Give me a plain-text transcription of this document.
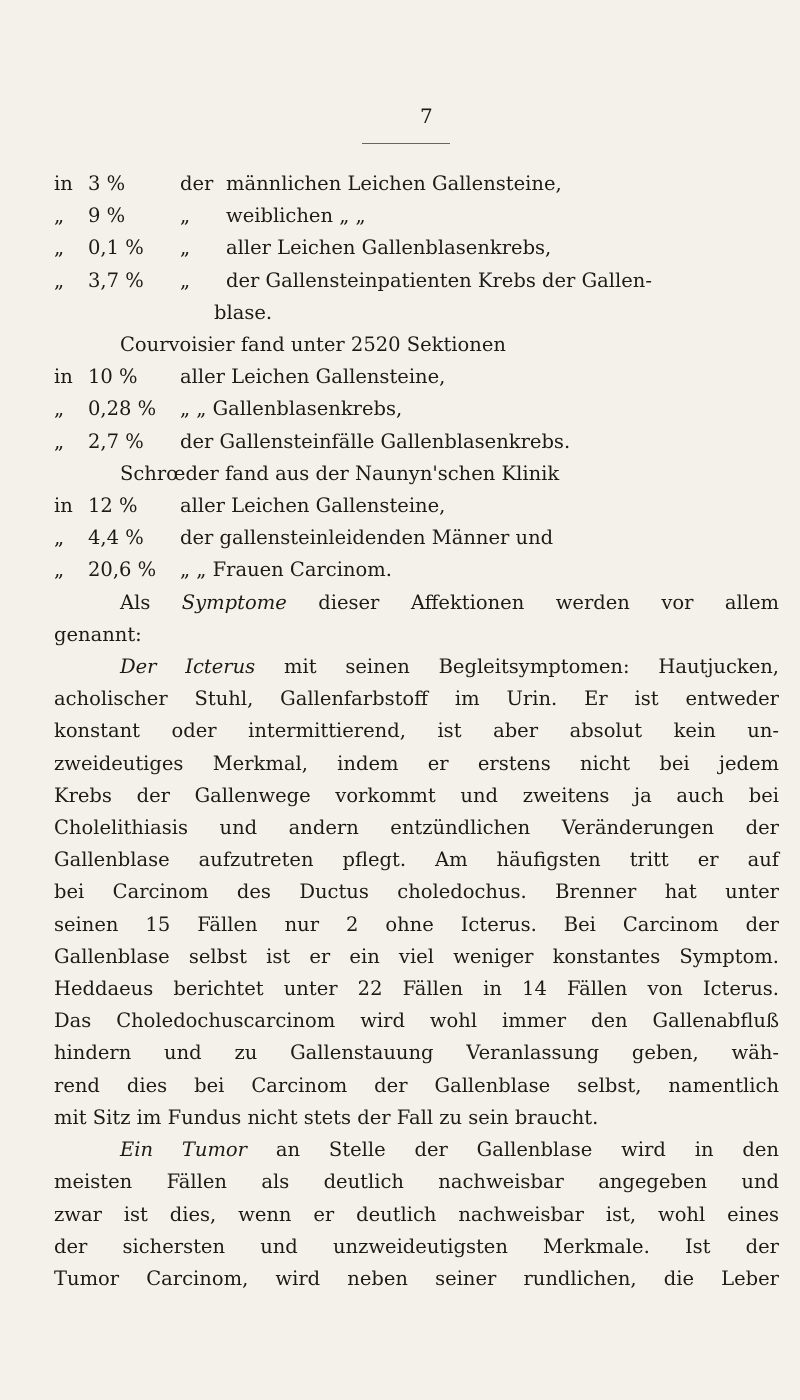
7
in 3 %	der männlichen Leichen Gallensteine,
„	9 %	„	weiblichen „ „
„	0,1 %	„	aller Leichen Gallenblasenkrebs,
„	3,7 %	„	der Gallensteinpatienten Krebs der Gallen-
blase.
Courvoisier fand unter 2520 Sektionen
in 10 %	aller Leichen Gallensteine,
„	0,28 %	„ „ Gallenblasenkrebs,
„	2,7 %	der Gallensteinfälle Gallenblasenkrebs.
Schrœder fand aus der Naunyn'schen Klinik
in 12 %	aller Leichen Gallensteine,
„	4,4 %	der gallensteinleidenden Männer und
„	20,6 %	„ „ Frauen Carcinom.
Als Symptome dieser Affektionen werden vor allem
genannt:
Der Icterus mit seinen Begleitsymptomen: Hautjucken,
acholischer Stuhl, Gallenfarbstoff im Urin. Er ist entweder
konstant oder intermittierend, ist aber absolut kein un-
zweideutiges Merkmal, indem er erstens nicht bei jedem
Krebs der Gallenwege vorkommt und zweitens ja auch bei
Cholelithiasis und andern entzündlichen Veränderungen der
Gallenblase aufzutreten pflegt. Am häufigsten tritt er auf
bei Carcinom des Ductus choledochus. Brenner hat unter
seinen 15 Fällen nur 2 ohne Icterus. Bei Carcinom der
Gallenblase selbst ist er ein viel weniger konstantes Symptom.
Heddaeus berichtet unter 22 Fällen in 14 Fällen von Icterus.
Das Choledochuscarcinom wird wohl immer den Gallenabfluß
hindern und zu Gallenstauung Veranlassung geben, wäh-
rend dies bei Carcinom der Gallenblase selbst, namentlich
mit Sitz im Fundus nicht stets der Fall zu sein braucht.
Ein Tumor an Stelle der Gallenblase wird in den
meisten Fällen als deutlich nachweisbar angegeben und
zwar ist dies, wenn er deutlich nachweisbar ist, wohl eines
der sichersten und unzweideutigsten Merkmale. Ist der
Tumor Carcinom, wird neben seiner rundlichen, die Leber
